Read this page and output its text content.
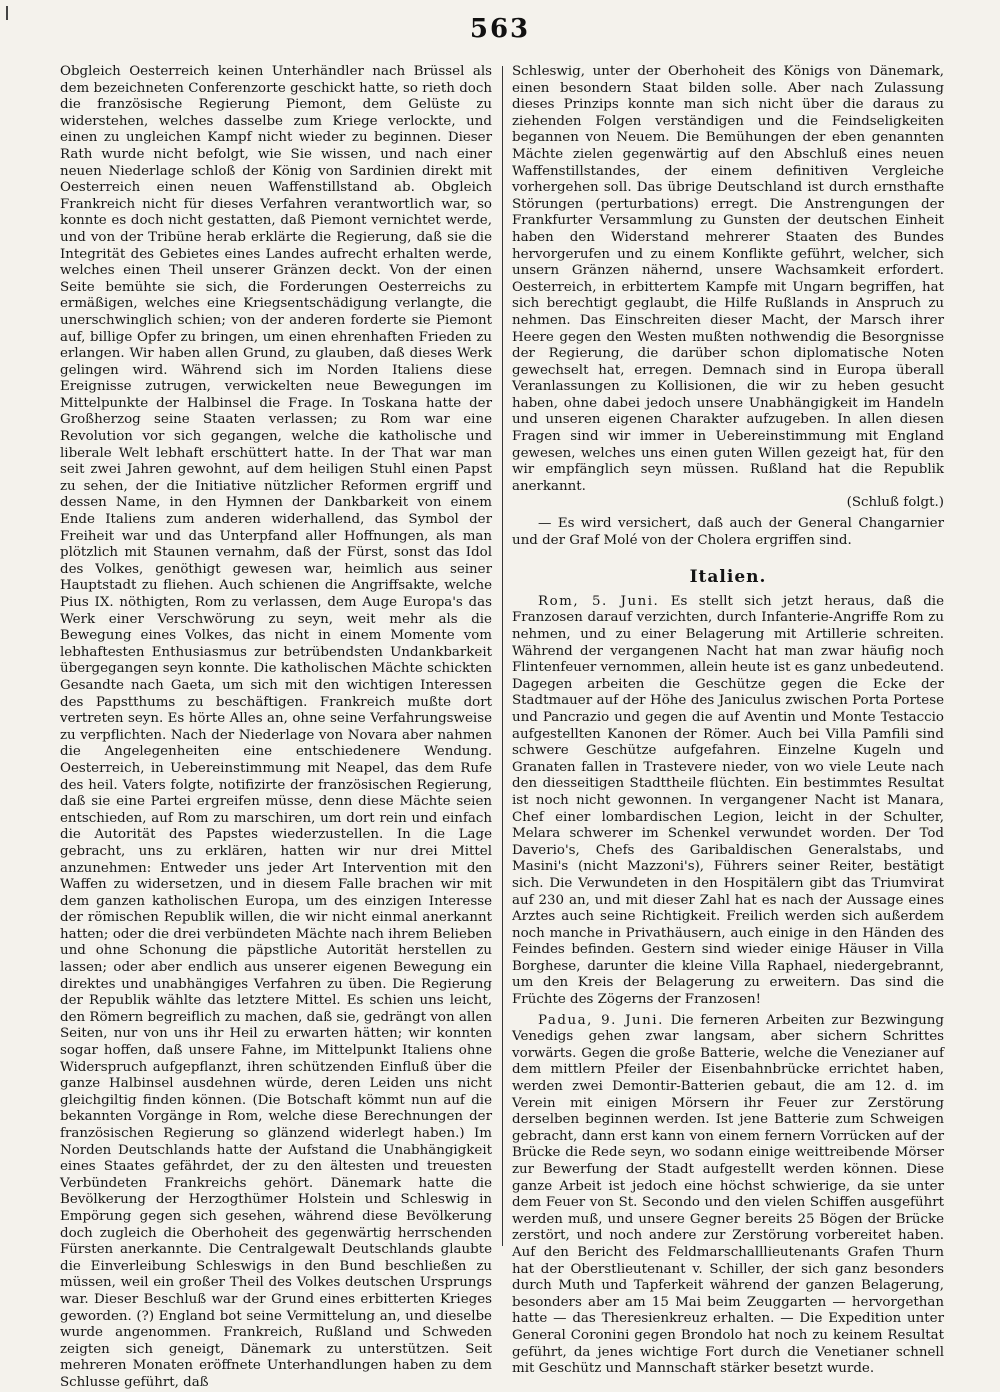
563

Obgleich Oesterreich keinen Unterhändler nach Brüssel als dem bezeichneten Conferenzorte geschickt hatte, so rieth doch die französische Regierung Piemont, dem Gelüste zu widerstehen, welches dasselbe zum Kriege verlockte, und einen zu ungleichen Kampf nicht wieder zu beginnen. Dieser Rath wurde nicht befolgt, wie Sie wissen, und nach einer neuen Niederlage schloß der König von Sardinien direkt mit Oesterreich einen neuen Waffenstillstand ab. Obgleich Frankreich nicht für dieses Verfahren verantwortlich war, so konnte es doch nicht gestatten, daß Piemont vernichtet werde, und von der Tribüne herab erklärte die Regierung, daß sie die Integrität des Gebietes eines Landes aufrecht erhalten werde, welches einen Theil unserer Gränzen deckt. Von der einen Seite bemühte sie sich, die Forderungen Oesterreichs zu ermäßigen, welches eine Kriegsentschädigung verlangte, die unerschwinglich schien; von der anderen forderte sie Piemont auf, billige Opfer zu bringen, um einen ehrenhaften Frieden zu erlangen. Wir haben allen Grund, zu glauben, daß dieses Werk gelingen wird. Während sich im Norden Italiens diese Ereignisse zutrugen, verwickelten neue Bewegungen im Mittelpunkte der Halbinsel die Frage. In Toskana hatte der Großherzog seine Staaten verlassen; zu Rom war eine Revolution vor sich gegangen, welche die katholische und liberale Welt lebhaft erschüttert hatte. In der That war man seit zwei Jahren gewohnt, auf dem heiligen Stuhl einen Papst zu sehen, der die Initiative nützlicher Reformen ergriff und dessen Name, in den Hymnen der Dankbarkeit von einem Ende Italiens zum anderen widerhallend, das Symbol der Freiheit war und das Unterpfand aller Hoffnungen, als man plötzlich mit Staunen vernahm, daß der Fürst, sonst das Idol des Volkes, genöthigt gewesen war, heimlich aus seiner Hauptstadt zu fliehen. Auch schienen die Angriffsakte, welche Pius IX. nöthigten, Rom zu verlassen, dem Auge Europa's das Werk einer Verschwörung zu seyn, weit mehr als die Bewegung eines Volkes, das nicht in einem Momente vom lebhaftesten Enthusiasmus zur betrübendsten Undankbarkeit übergegangen seyn konnte. Die katholischen Mächte schickten Gesandte nach Gaeta, um sich mit den wichtigen Interessen des Papstthums zu beschäftigen. Frankreich mußte dort vertreten seyn. Es hörte Alles an, ohne seine Verfahrungsweise zu verpflichten. Nach der Niederlage von Novara aber nahmen die Angelegenheiten eine entschiedenere Wendung. Oesterreich, in Uebereinstimmung mit Neapel, das dem Rufe des heil. Vaters folgte, notifizirte der französischen Regierung, daß sie eine Partei ergreifen müsse, denn diese Mächte seien entschieden, auf Rom zu marschiren, um dort rein und einfach die Autorität des Papstes wiederzustellen. In die Lage gebracht, uns zu erklären, hatten wir nur drei Mittel anzunehmen: Entweder uns jeder Art Intervention mit den Waffen zu widersetzen, und in diesem Falle brachen wir mit dem ganzen katholischen Europa, um des einzigen Interesse der römischen Republik willen, die wir nicht einmal anerkannt hatten; oder die drei verbündeten Mächte nach ihrem Belieben und ohne Schonung die päpstliche Autorität herstellen zu lassen; oder aber endlich aus unserer eigenen Bewegung ein direktes und unabhängiges Verfahren zu üben. Die Regierung der Republik wählte das letztere Mittel. Es schien uns leicht, den Römern begreiflich zu machen, daß sie, gedrängt von allen Seiten, nur von uns ihr Heil zu erwarten hätten; wir konnten sogar hoffen, daß unsere Fahne, im Mittelpunkt Italiens ohne Widerspruch aufgepflanzt, ihren schützenden Einfluß über die ganze Halbinsel ausdehnen würde, deren Leiden uns nicht gleichgiltig finden können. (Die Botschaft kömmt nun auf die bekannten Vorgänge in Rom, welche diese Berechnungen der französischen Regierung so glänzend widerlegt haben.) Im Norden Deutschlands hatte der Aufstand die Unabhängigkeit eines Staates gefährdet, der zu den ältesten und treuesten Verbündeten Frankreichs gehört. Dänemark hatte die Bevölkerung der Herzogthümer Holstein und Schleswig in Empörung gegen sich gesehen, während diese Bevölkerung doch zugleich die Oberhoheit des gegenwärtig herrschenden Fürsten anerkannte. Die Centralgewalt Deutschlands glaubte die Einverleibung Schleswigs in den Bund beschließen zu müssen, weil ein großer Theil des Volkes deutschen Ursprungs war. Dieser Beschluß war der Grund eines erbitterten Krieges geworden. (?) England bot seine Vermittelung an, und dieselbe wurde angenommen. Frankreich, Rußland und Schweden zeigten sich geneigt, Dänemark zu unterstützen. Seit mehreren Monaten eröffnete Unterhandlungen haben zu dem Schlusse geführt, daß

Schleswig, unter der Oberhoheit des Königs von Dänemark, einen besondern Staat bilden solle. Aber nach Zulassung dieses Prinzips konnte man sich nicht über die daraus zu ziehenden Folgen verständigen und die Feindseligkeiten begannen von Neuem. Die Bemühungen der eben genannten Mächte zielen gegenwärtig auf den Abschluß eines neuen Waffenstillstandes, der einem definitiven Vergleiche vorhergehen soll. Das übrige Deutschland ist durch ernsthafte Störungen (perturbations) erregt. Die Anstrengungen der Frankfurter Versammlung zu Gunsten der deutschen Einheit haben den Widerstand mehrerer Staaten des Bundes hervorgerufen und zu einem Konflikte geführt, welcher, sich unsern Gränzen nähernd, unsere Wachsamkeit erfordert. Oesterreich, in erbittertem Kampfe mit Ungarn begriffen, hat sich berechtigt geglaubt, die Hilfe Rußlands in Anspruch zu nehmen. Das Einschreiten dieser Macht, der Marsch ihrer Heere gegen den Westen mußten nothwendig die Besorgnisse der Regierung, die darüber schon diplomatische Noten gewechselt hat, erregen. Demnach sind in Europa überall Veranlassungen zu Kollisionen, die wir zu heben gesucht haben, ohne dabei jedoch unsere Unabhängigkeit im Handeln und unseren eigenen Charakter aufzugeben. In allen diesen Fragen sind wir immer in Uebereinstimmung mit England gewesen, welches uns einen guten Willen gezeigt hat, für den wir empfänglich seyn müssen. Rußland hat die Republik anerkannt.

(Schluß folgt.)

— Es wird versichert, daß auch der General Changarnier und der Graf Molé von der Cholera ergriffen sind.

Italien.

Rom, 5. Juni. Es stellt sich jetzt heraus, daß die Franzosen darauf verzichten, durch Infanterie-Angriffe Rom zu nehmen, und zu einer Belagerung mit Artillerie schreiten. Während der vergangenen Nacht hat man zwar häufig noch Flintenfeuer vernommen, allein heute ist es ganz unbedeutend. Dagegen arbeiten die Geschütze gegen die Ecke der Stadtmauer auf der Höhe des Janiculus zwischen Porta Portese und Pancrazio und gegen die auf Aventin und Monte Testaccio aufgestellten Kanonen der Römer. Auch bei Villa Pamfili sind schwere Geschütze aufgefahren. Einzelne Kugeln und Granaten fallen in Trastevere nieder, von wo viele Leute nach den diesseitigen Stadttheile flüchten. Ein bestimmtes Resultat ist noch nicht gewonnen. In vergangener Nacht ist Manara, Chef einer lombardischen Legion, leicht in der Schulter, Melara schwerer im Schenkel verwundet worden. Der Tod Daverio's, Chefs des Garibaldischen Generalstabs, und Masini's (nicht Mazzoni's), Führers seiner Reiter, bestätigt sich. Die Verwundeten in den Hospitälern gibt das Triumvirat auf 230 an, und mit dieser Zahl hat es nach der Aussage eines Arztes auch seine Richtigkeit. Freilich werden sich außerdem noch manche in Privathäusern, auch einige in den Händen des Feindes befinden. Gestern sind wieder einige Häuser in Villa Borghese, darunter die kleine Villa Raphael, niedergebrannt, um den Kreis der Belagerung zu erweitern. Das sind die Früchte des Zögerns der Franzosen!

Padua, 9. Juni. Die ferneren Arbeiten zur Bezwingung Venedigs gehen zwar langsam, aber sichern Schrittes vorwärts. Gegen die große Batterie, welche die Venezianer auf dem mittlern Pfeiler der Eisenbahnbrücke errichtet haben, werden zwei Demontir-Batterien gebaut, die am 12. d. im Verein mit einigen Mörsern ihr Feuer zur Zerstörung derselben beginnen werden. Ist jene Batterie zum Schweigen gebracht, dann erst kann von einem fernern Vorrücken auf der Brücke die Rede seyn, wo sodann einige weittreibende Mörser zur Bewerfung der Stadt aufgestellt werden können. Diese ganze Arbeit ist jedoch eine höchst schwierige, da sie unter dem Feuer von St. Secondo und den vielen Schiffen ausgeführt werden muß, und unsere Gegner bereits 25 Bögen der Brücke zerstört, und noch andere zur Zerstörung vorbereitet haben. Auf den Bericht des Feldmarschalllieutenants Grafen Thurn hat der Oberstlieutenant v. Schiller, der sich ganz besonders durch Muth und Tapferkeit während der ganzen Belagerung, besonders aber am 15 Mai beim Zeuggarten — hervorgethan hatte — das Theresienkreuz erhalten. — Die Expedition unter General Coronini gegen Brondolo hat noch zu keinem Resultat geführt, da jenes wichtige Fort durch die Venetianer schnell mit Geschütz und Mannschaft stärker besetzt wurde.
